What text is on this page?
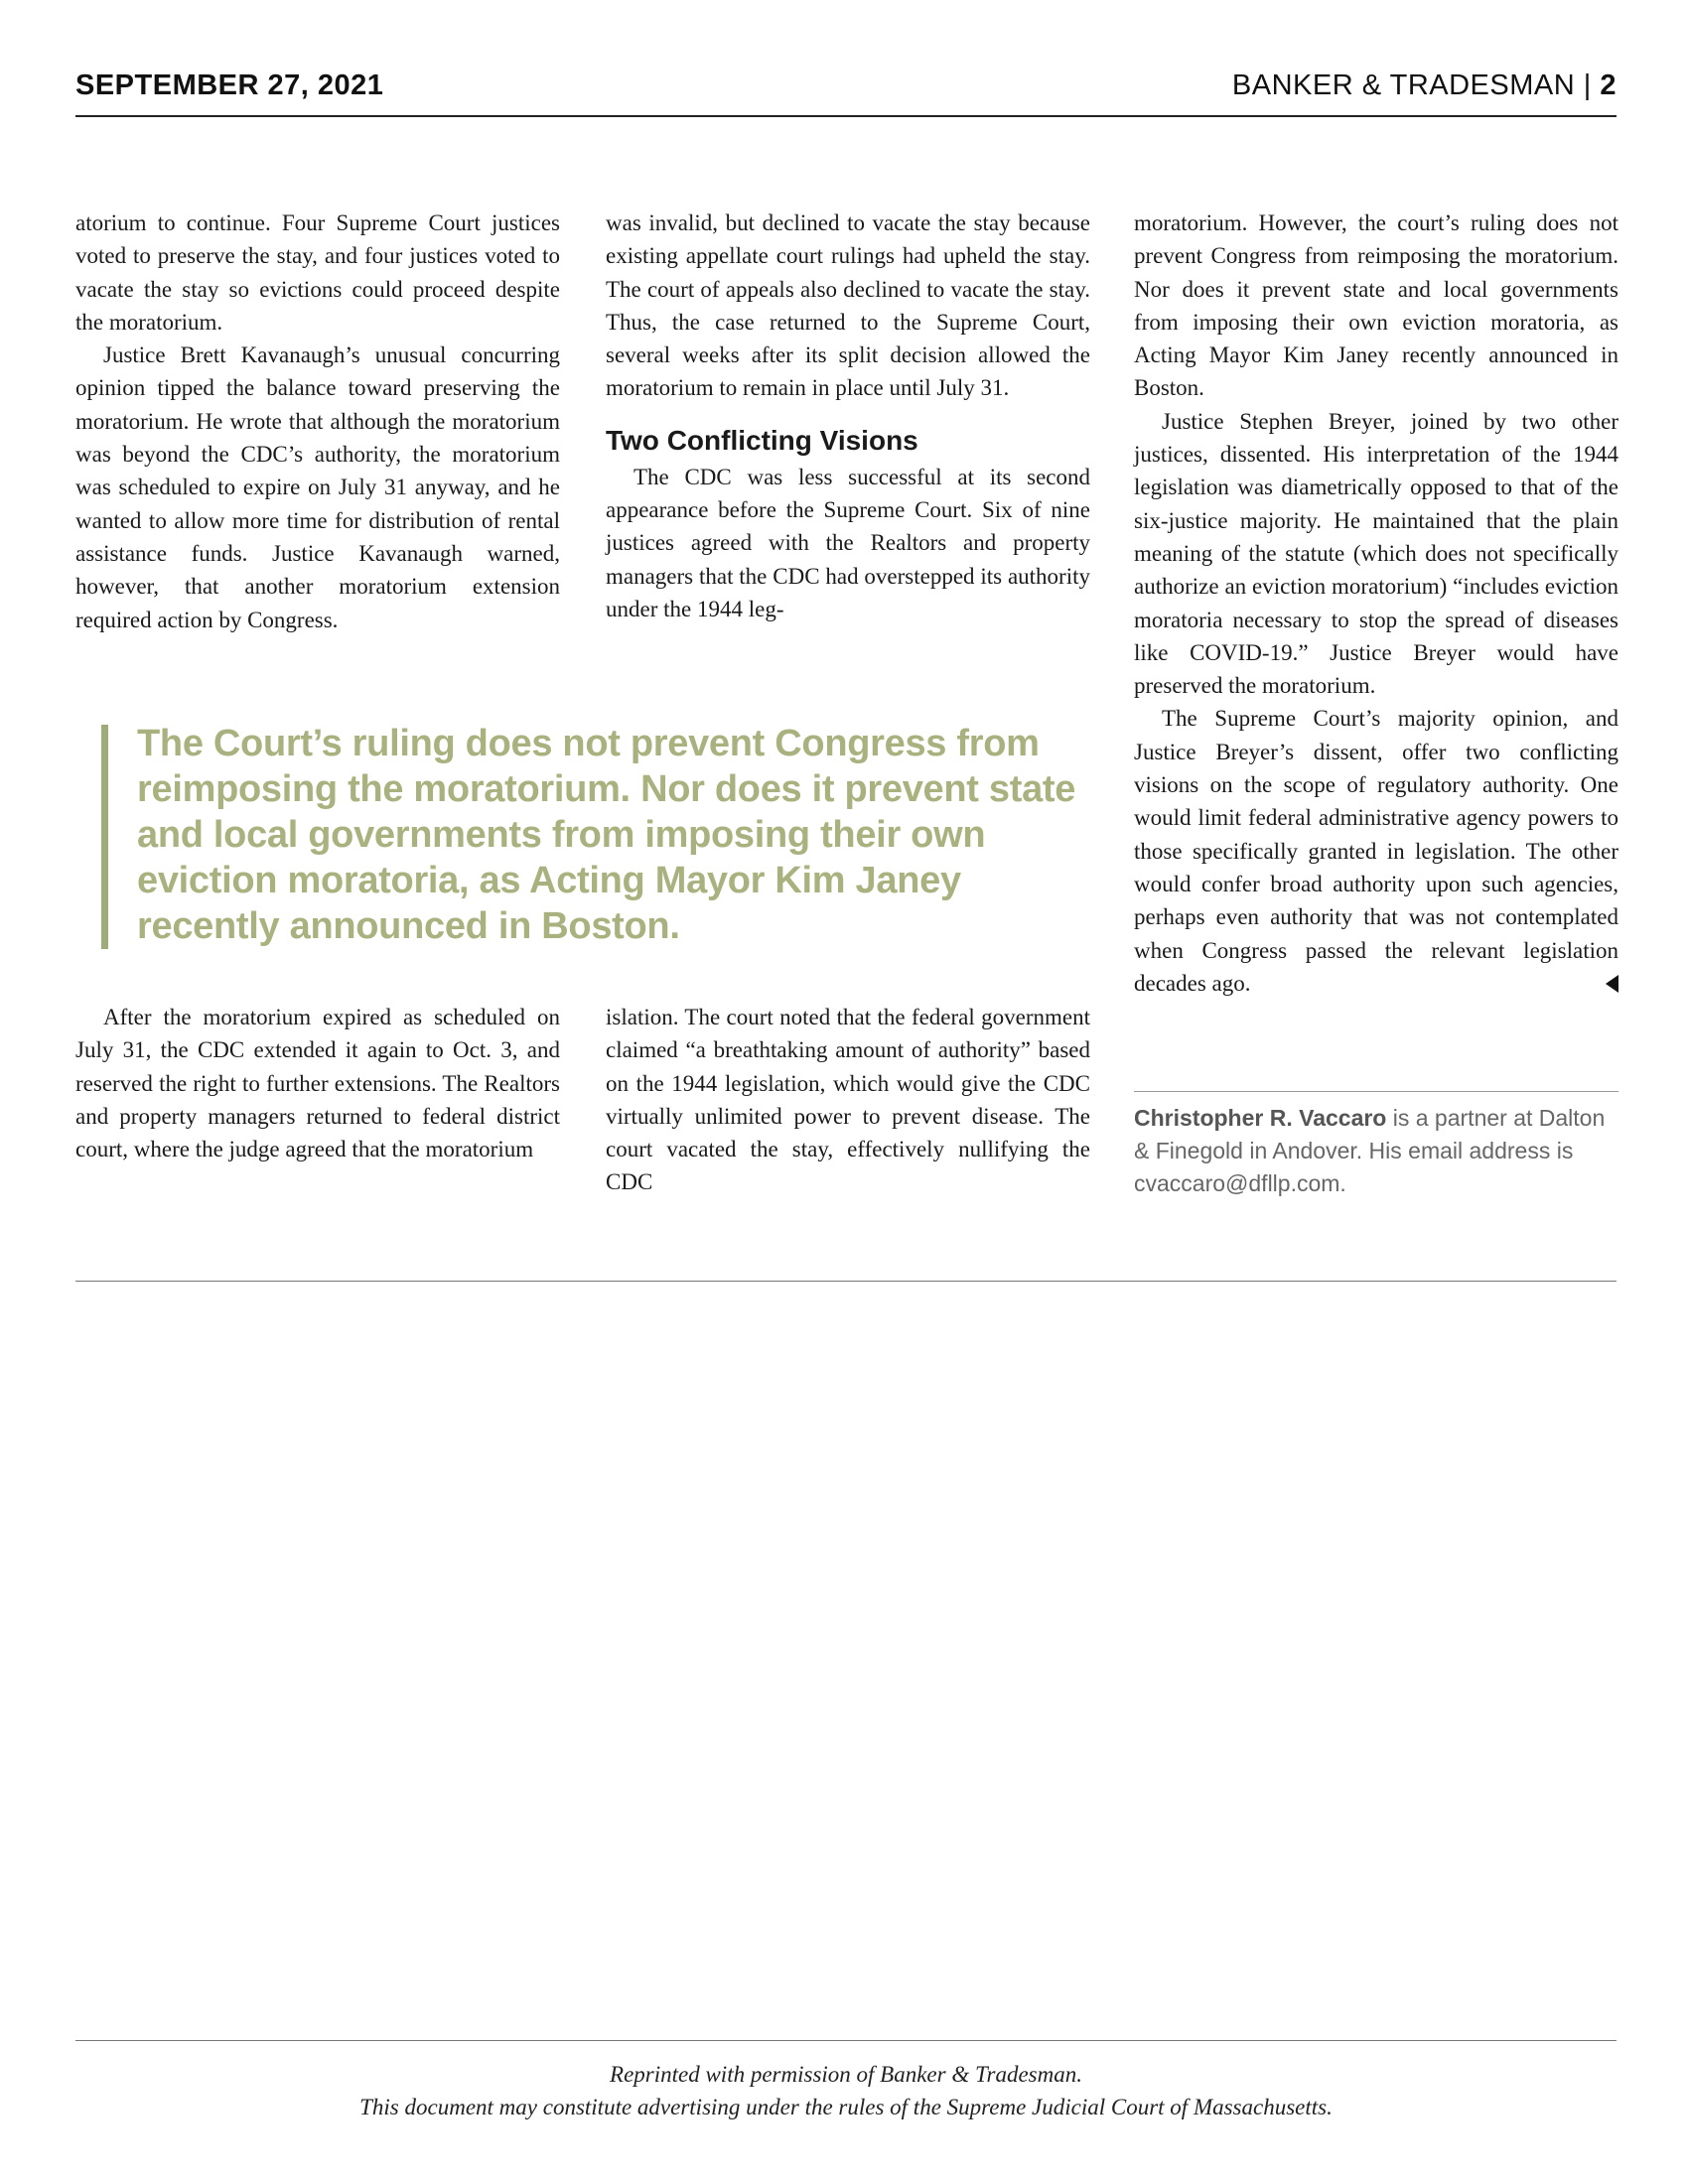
SEPTEMBER 27, 2021	BANKER & TRADESMAN | 2

atorium to continue. Four Supreme Court justices voted to preserve the stay, and four justices voted to vacate the stay so evictions could proceed despite the moratorium.

Justice Brett Kavanaugh’s unusual concurring opinion tipped the balance toward preserving the moratorium. He wrote that although the moratorium was beyond the CDC’s authority, the moratorium was scheduled to expire on July 31 anyway, and he wanted to allow more time for distribution of rental assistance funds. Justice Kavanaugh warned, however, that another moratorium extension required action by Congress.

was invalid, but declined to vacate the stay because existing appellate court rulings had upheld the stay. The court of appeals also declined to vacate the stay. Thus, the case returned to the Supreme Court, several weeks after its split decision allowed the moratorium to remain in place until July 31.

Two Conflicting Visions

The CDC was less successful at its second appearance before the Supreme Court. Six of nine justices agreed with the Realtors and property managers that the CDC had overstepped its authority under the 1944 leg-

The Court’s ruling does not prevent Congress from reimposing the moratorium. Nor does it prevent state and local governments from imposing their own eviction moratoria, as Acting Mayor Kim Janey recently announced in Boston.

After the moratorium expired as scheduled on July 31, the CDC extended it again to Oct. 3, and reserved the right to further extensions. The Realtors and property managers returned to federal district court, where the judge agreed that the moratorium

islation. The court noted that the federal government claimed “a breathtaking amount of authority” based on the 1944 legislation, which would give the CDC virtually unlimited power to prevent disease. The court vacated the stay, effectively nullifying the CDC

moratorium. However, the court’s ruling does not prevent Congress from reimposing the moratorium. Nor does it prevent state and local governments from imposing their own eviction moratoria, as Acting Mayor Kim Janey recently announced in Boston.

Justice Stephen Breyer, joined by two other justices, dissented. His interpretation of the 1944 legislation was diametrically opposed to that of the six-justice majority. He maintained that the plain meaning of the statute (which does not specifically authorize an eviction moratorium) “includes eviction moratoria necessary to stop the spread of diseases like COVID-19.” Justice Breyer would have preserved the moratorium.

The Supreme Court’s majority opinion, and Justice Breyer’s dissent, offer two conflicting visions on the scope of regulatory authority. One would limit federal administrative agency powers to those specifically granted in legislation. The other would confer broad authority upon such agencies, perhaps even authority that was not contemplated when Congress passed the relevant legislation decades ago.

Christopher R. Vaccaro is a partner at Dalton & Finegold in Andover. His email address is cvaccaro@dfllp.com.
Reprinted with permission of Banker & Tradesman.
This document may constitute advertising under the rules of the Supreme Judicial Court of Massachusetts.
